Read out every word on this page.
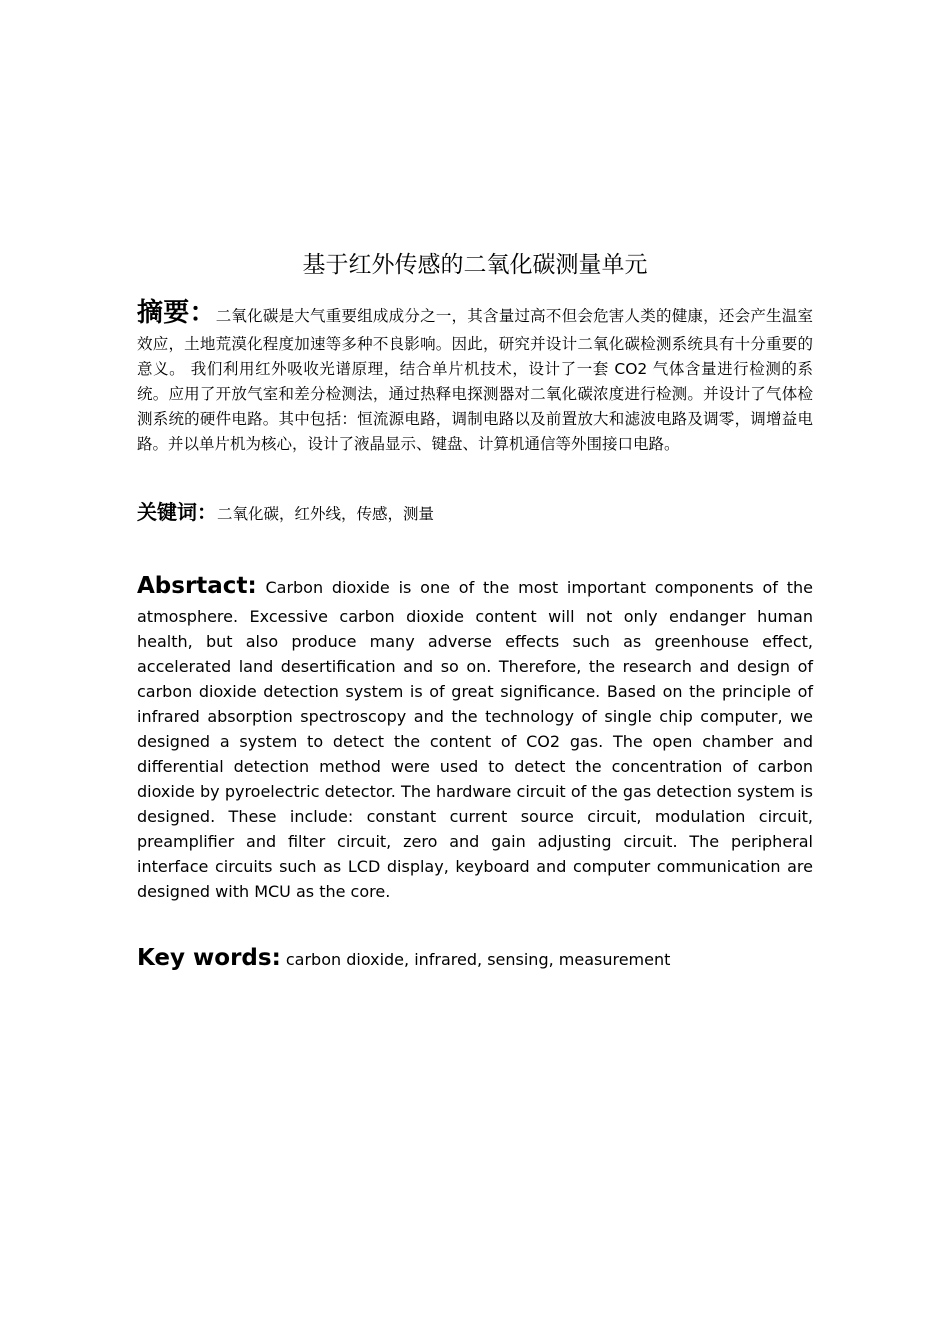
基于红外传感的二氧化碳测量单元
摘要：二氧化碳是大气重要组成成分之一，其含量过高不但会危害人类的健康，还会产生温室效应，土地荒漠化程度加速等多种不良影响。因此，研究并设计二氧化碳检测系统具有十分重要的意义。 我们利用红外吸收光谱原理，结合单片机技术，设计了一套 CO2 气体含量进行检测的系统。应用了开放气室和差分检测法，通过热释电探测器对二氧化碳浓度进行检测。并设计了气体检测系统的硬件电路。其中包括：恒流源电路，调制电路以及前置放大和滤波电路及调零，调增益电路。并以单片机为核心，设计了液晶显示、键盘、计算机通信等外围接口电路。
关键词：二氧化碳，红外线，传感，测量
Absrtact: Carbon dioxide is one of the most important components of the atmosphere. Excessive carbon dioxide content will not only endanger human health, but also produce many adverse effects such as greenhouse effect, accelerated land desertification and so on. Therefore, the research and design of carbon dioxide detection system is of great significance. Based on the principle of infrared absorption spectroscopy and the technology of single chip computer, we designed a system to detect the content of CO2 gas. The open chamber and differential detection method were used to detect the concentration of carbon dioxide by pyroelectric detector. The hardware circuit of the gas detection system is designed. These include: constant current source circuit, modulation circuit, preamplifier and filter circuit, zero and gain adjusting circuit. The peripheral interface circuits such as LCD display, keyboard and computer communication are designed with MCU as the core.
Key words: carbon dioxide, infrared, sensing, measurement
